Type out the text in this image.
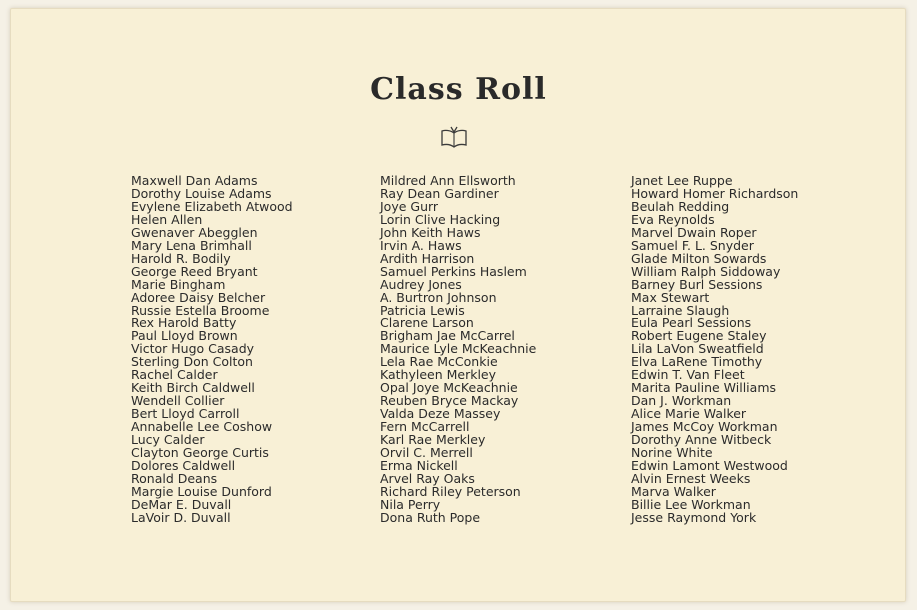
Class Roll
Maxwell Dan Adams
Dorothy Louise Adams
Evylene Elizabeth Atwood
Helen Allen
Gwenaver Abegglen
Mary Lena Brimhall
Harold R. Bodily
George Reed Bryant
Marie Bingham
Adoree Daisy Belcher
Russie Estella Broome
Rex Harold Batty
Paul Lloyd Brown
Victor Hugo Casady
Sterling Don Colton
Rachel Calder
Keith Birch Caldwell
Wendell Collier
Bert Lloyd Carroll
Annabelle Lee Coshow
Lucy Calder
Clayton George Curtis
Dolores Caldwell
Ronald Deans
Margie Louise Dunford
DeMar E. Duvall
LaVoir D. Duvall
Mildred Ann Ellsworth
Ray Dean Gardiner
Joye Gurr
Lorin Clive Hacking
John Keith Haws
Irvin A. Haws
Ardith Harrison
Samuel Perkins Haslem
Audrey Jones
A. Burtron Johnson
Patricia Lewis
Clarene Larson
Brigham Jae McCarrel
Maurice Lyle McKeachnie
Lela Rae McConkie
Kathyleen Merkley
Opal Joye McKeachnie
Reuben Bryce Mackay
Valda Deze Massey
Fern McCarrell
Karl Rae Merkley
Orvil C. Merrell
Erma Nickell
Arvel Ray Oaks
Richard Riley Peterson
Nila Perry
Dona Ruth Pope
Janet Lee Ruppe
Howard Homer Richardson
Beulah Redding
Eva Reynolds
Marvel Dwain Roper
Samuel F. L. Snyder
Glade Milton Sowards
William Ralph Siddoway
Barney Burl Sessions
Max Stewart
Larraine Slaugh
Eula Pearl Sessions
Robert Eugene Staley
Lila LaVon Sweatfield
Elva LaRene Timothy
Edwin T. Van Fleet
Marita Pauline Williams
Dan J. Workman
Alice Marie Walker
James McCoy Workman
Dorothy Anne Witbeck
Norine White
Edwin Lamont Westwood
Alvin Ernest Weeks
Marva Walker
Billie Lee Workman
Jesse Raymond York
